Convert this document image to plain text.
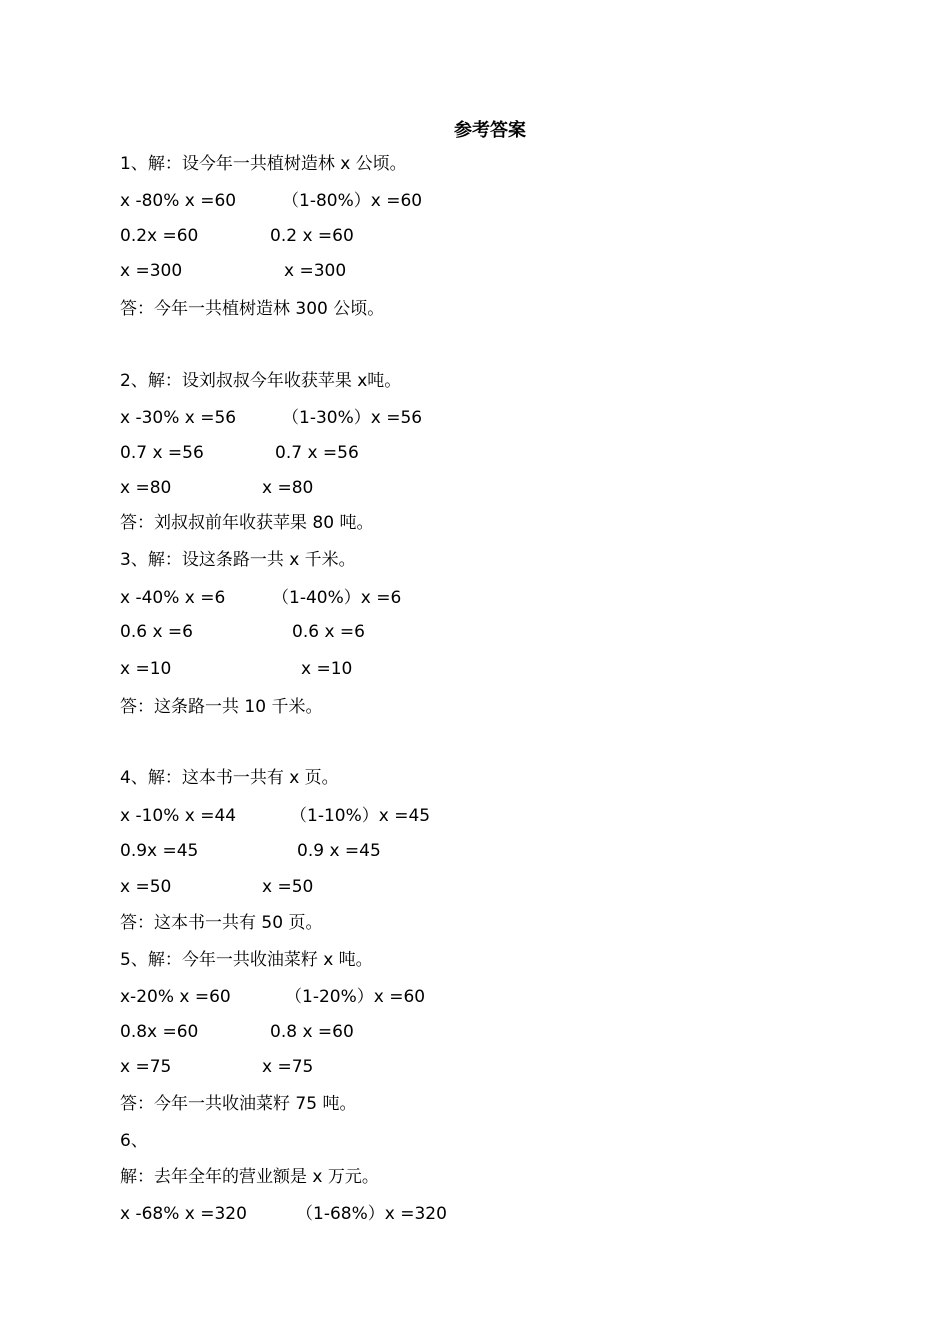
参考答案
1、解：设今年一共植树造林 x 公顷。
x -80% x =60	（1-80%）x =60
0.2x =60	0.2 x =60
x =300	x =300
答：今年一共植树造林 300 公顷。
2、解：设刘叔叔今年收获苹果 x吨。
x -30% x =56	（1-30%）x =56
0.7 x =56	0.7 x =56
x =80	x =80
答：刘叔叔前年收获苹果 80 吨。
3、解：设这条路一共 x 千米。
x -40% x =6	（1-40%）x =6
0.6 x =6	0.6 x =6
x =10	x =10
答：这条路一共 10 千米。
4、解：这本书一共有 x 页。
x -10% x =44	（1-10%）x =45
0.9x =45	0.9 x =45
x =50	x =50
答：这本书一共有 50 页。
5、解：今年一共收油菜籽 x 吨。
x-20% x =60	（1-20%）x =60
0.8x =60	0.8 x =60
x =75	x =75
答：今年一共收油菜籽 75 吨。
6、
解：去年全年的营业额是 x 万元。
x -68% x =320	（1-68%）x =320
